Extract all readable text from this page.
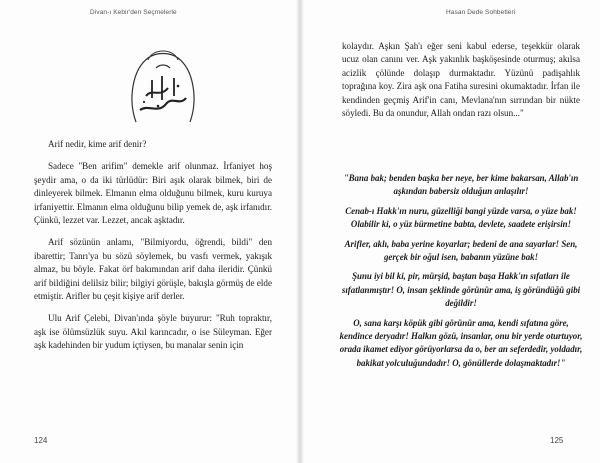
Divan-ı Kebir'den Seçmelerle

Arif nedir, kime arif denir?

Sadece "Ben arifim" demekle arif olunmaz. İrfaniyet hoş şeydir ama, o da iki türlüdür: Biri aşık olarak bilmek, biri de dinleyerek bilmek. Elmanın elma olduğunu bilmek, kuru kuruya irfaniyettir. Elmanın elma olduğunu bilip yemek de, aşk irfanıdır. Çünkü, lezzet var. Lezzet, ancak aşktadır.

Arif sözünün anlamı, "Bilmiyordu, öğrendi, bildi" den ibarettir; Tanrı'ya bu sözü söylemek, bu vasfı vermek, yakışık almaz, bu böyle. Fakat örf bakımından arif daha ileridir. Çünkü arif bildiğini delilsiz bilir; bilgiyi görüşle, bakışla görmüş de elde etmiştir. Arifler bu çeşit kişiye arif derler.

Ulu Arif Çelebi, Divan'ında şöyle buyurur: "Ruh topraktır, aşk ise ölümsüzlük suyu. Akıl karıncadır, o ise Süleyman. Eğer aşk kadehinden bir yudum içtiysen, bu manalar senin için

124
Hasan Dede Sohbetleri

kolaydır. Aşkın Şah'ı eğer seni kabul ederse, teşekkür olarak ucuz olan canını ver. Aşk yakınlık başköşesinde oturmuş; akılsa acizlik çölünde dolaşıp durmaktadır. Yüzünü padişahlık toprağına koy. Zira aşk ona Fatiha suresini okumaktadır. İrfan ile kendinden geçmiş Arif'in canı, Mevlana'nın sırrından bir nükte söyledi. Bu da onundur, Allah ondan razı olsun..."

"Bana bak; benden başka ber neye, ber kime bakarsan, Allab'ın aşkından babersiz olduğun anlaşılır!

Cenab-ı Hakk'ın nuru, güzelliği bangi yüzde varsa, o yüze bak! Olabilir ki, o yüz bürmetine babta, devlete, saadete erişirsin!

Arifler, aklı, baba yerine koyarlar; bedeni de ana sayarlar! Sen, gerçek bir oğul isen, babanın yüzüne bak!

Şunu iyi bil ki, pir, mürşid, baştan başa Hakk'ın sıfatları ile sıfatlanmıştır! O, insan şeklinde görünür ama, iş göründüğü gibi değildir!

O, sana karşı köpük gibi görünür ama, kendi sıfatına göre, kendince deryadır! Halkın gözü, insanlar, onu bir yerde oturtuyor, orada ikamet ediyor görüyorlarsa da o, ber an seferdedir, yoldadır, bakikat yolculuğundadır! O, gönüllerde dolaşmaktadır!"

125
